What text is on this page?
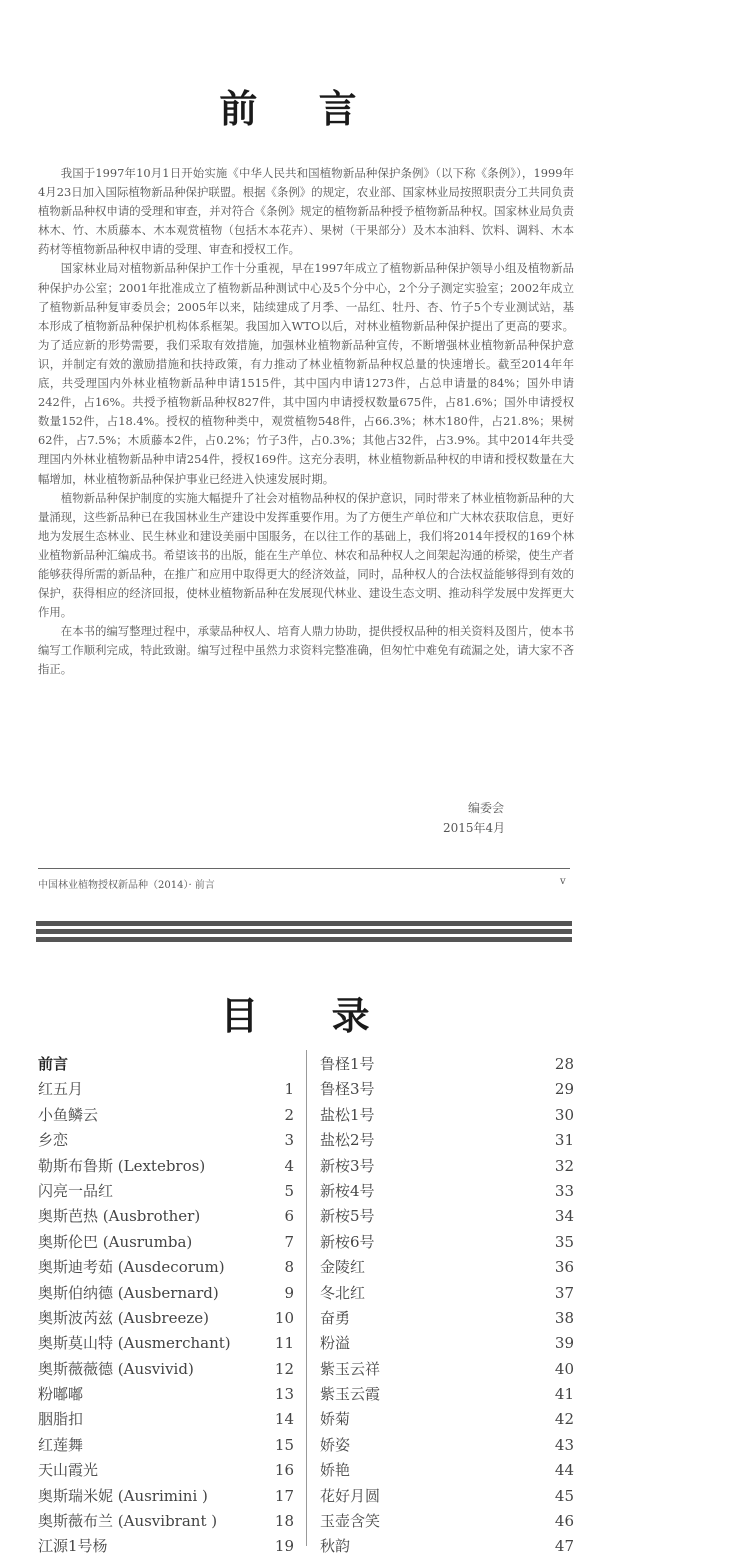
前 言

我国于1997年10月1日开始实施《中华人民共和国植物新品种保护条例》（以下称《条例》），1999年4月23日加入国际植物新品种保护联盟。根据《条例》的规定，农业部、国家林业局按照职责分工共同负责植物新品种权申请的受理和审查，并对符合《条例》规定的植物新品种授予植物新品种权。国家林业局负责林木、竹、木质藤本、木本观赏植物（包括木本花卉）、果树（干果部分）及木本油料、饮料、调料、木本药材等植物新品种权申请的受理、审查和授权工作。

国家林业局对植物新品种保护工作十分重视，早在1997年成立了植物新品种保护领导小组及植物新品种保护办公室；2001年批准成立了植物新品种测试中心及5个分中心，2个分子测定实验室；2002年成立了植物新品种复审委员会；2005年以来，陆续建成了月季、一品红、牡丹、杏、竹子5个专业测试站，基本形成了植物新品种保护机构体系框架。我国加入WTO以后，对林业植物新品种保护提出了更高的要求。为了适应新的形势需要，我们采取有效措施，加强林业植物新品种宣传，不断增强林业植物新品种保护意识，并制定有效的激励措施和扶持政策，有力推动了林业植物新品种权总量的快速增长。截至2014年年底，共受理国内外林业植物新品种申请1515件，其中国内申请1273件，占总申请量的84%；国外申请242件，占16%。共授予植物新品种权827件，其中国内申请授权数量675件，占81.6%；国外申请授权数量152件，占18.4%。授权的植物种类中，观赏植物548件，占66.3%；林木180件，占21.8%；果树62件，占7.5%；木质藤本2件，占0.2%；竹子3件，占0.3%；其他占32件，占3.9%。其中2014年共受理国内外林业植物新品种申请254件，授权169件。这充分表明，林业植物新品种权的申请和授权数量在大幅增加，林业植物新品种保护事业已经进入快速发展时期。

植物新品种保护制度的实施大幅提升了社会对植物品种权的保护意识，同时带来了林业植物新品种的大量涌现，这些新品种已在我国林业生产建设中发挥重要作用。为了方便生产单位和广大林农获取信息，更好地为发展生态林业、民生林业和建设美丽中国服务，在以往工作的基础上，我们将2014年授权的169个林业植物新品种汇编成书。希望该书的出版，能在生产单位、林农和品种权人之间架起沟通的桥梁，使生产者能够获得所需的新品种，在推广和应用中取得更大的经济效益，同时，品种权人的合法权益能够得到有效的保护，获得相应的经济回报，使林业植物新品种在发展现代林业、建设生态文明、推动科学发展中发挥更大作用。

在本书的编写整理过程中，承蒙品种权人、培育人鼎力协助，提供授权品种的相关资料及图片，使本书编写工作顺利完成，特此致谢。编写过程中虽然力求资料完整准确，但匆忙中难免有疏漏之处，请大家不吝指正。

编委会
2015年4月
中国林业植物授权新品种（2014）· 前言	v
目 录
前言
红五月	1
小鱼鳞云	2
乡恋	3
勒斯布鲁斯 (Lextebros)	4
闪亮一品红	5
奥斯芭热 (Ausbrother)	6
奥斯伦巴 (Ausrumba)	7
奥斯迪考茹 (Ausdecorum)	8
奥斯伯纳德 (Ausbernard)	9
奥斯波芮兹 (Ausbreeze)	10
奥斯莫山特 (Ausmerchant)	11
奥斯薇薇德 (Ausvivid)	12
粉嘟嘟	13
胭脂扣	14
红莲舞	15
天山霞光	16
奥斯瑞米妮 (Ausrimini )	17
奥斯薇布兰 (Ausvibrant )	18
江源1号杨	19
鲁柽1号	28
鲁柽3号	29
盐松1号	30
盐松2号	31
新桉3号	32
新桉4号	33
新桉5号	34
新桉6号	35
金陵红	36
冬北红	37
奋勇	38
粉溢	39
紫玉云祥	40
紫玉云霞	41
娇菊	42
娇姿	43
娇艳	44
花好月圆	45
玉壶含笑	46
秋韵	47
